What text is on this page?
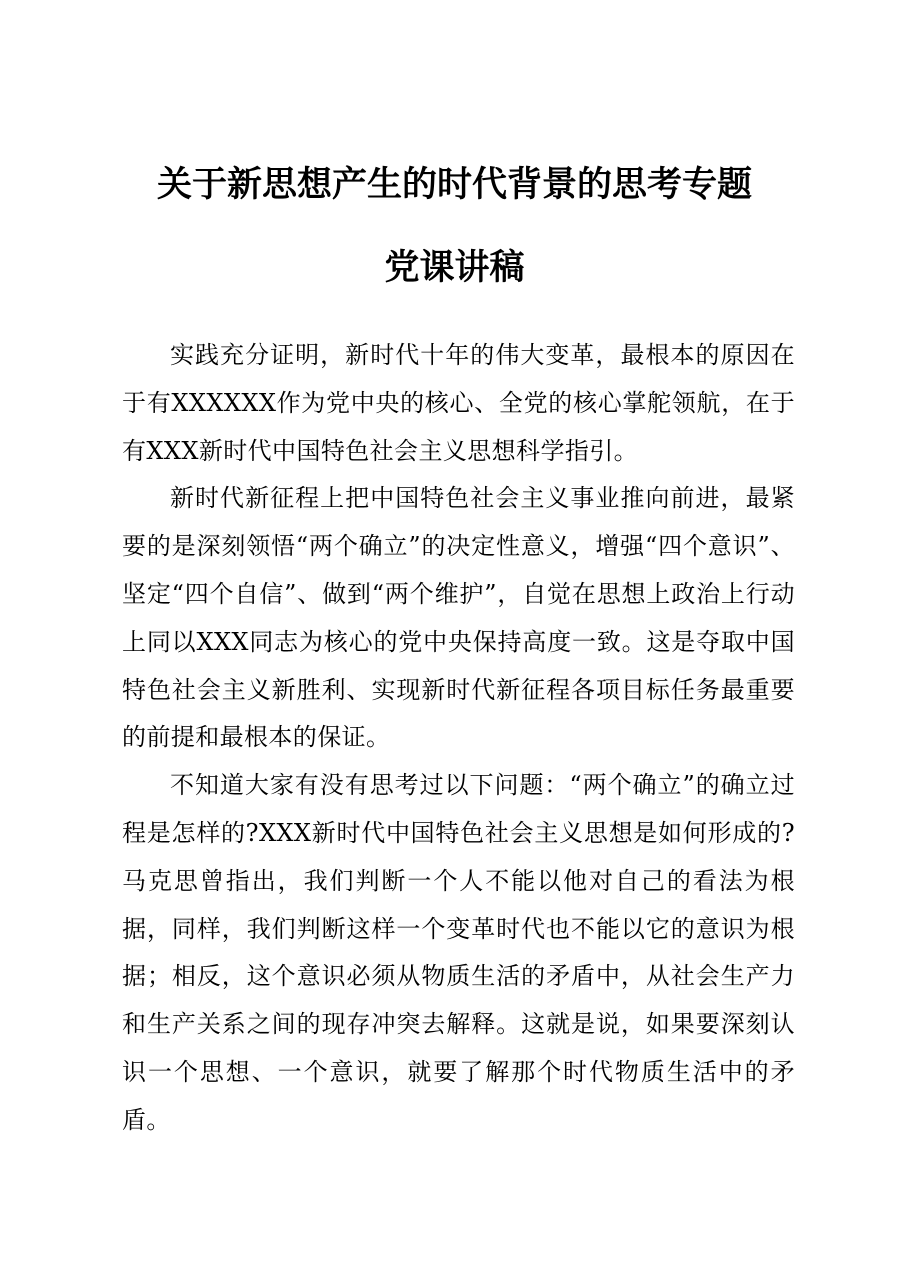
关于新思想产生的时代背景的思考专题
党课讲稿

实践充分证明，新时代十年的伟大变革，最根本的原因在于有XXXXXX作为党中央的核心、全党的核心掌舵领航，在于有XXX新时代中国特色社会主义思想科学指引。

新时代新征程上把中国特色社会主义事业推向前进，最紧要的是深刻领悟“两个确立”的决定性意义，增强“四个意识”、坚定“四个自信”、做到“两个维护”，自觉在思想上政治上行动上同以XXX同志为核心的党中央保持高度一致。这是夺取中国特色社会主义新胜利、实现新时代新征程各项目标任务最重要的前提和最根本的保证。

不知道大家有没有思考过以下问题：“两个确立”的确立过程是怎样的?XXX新时代中国特色社会主义思想是如何形成的?马克思曾指出，我们判断一个人不能以他对自己的看法为根据，同样，我们判断这样一个变革时代也不能以它的意识为根据；相反，这个意识必须从物质生活的矛盾中，从社会生产力和生产关系之间的现存冲突去解释。这就是说，如果要深刻认识一个思想、一个意识，就要了解那个时代物质生活中的矛盾。
